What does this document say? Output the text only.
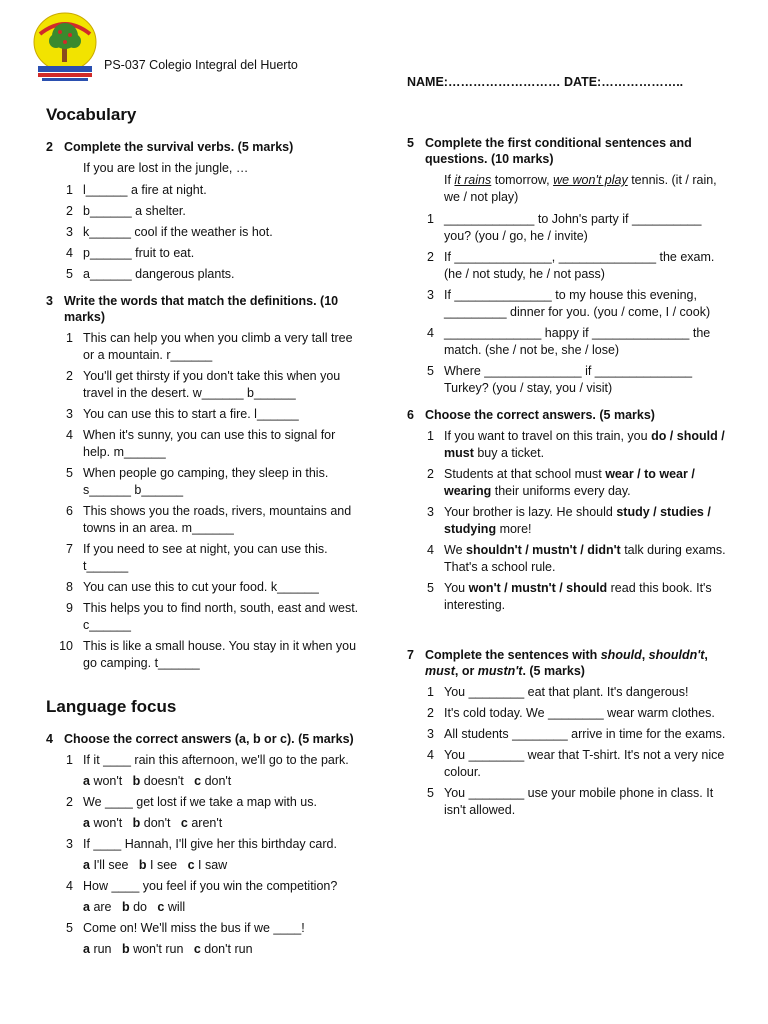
PS-037 Colegio Integral del Huerto
NAME:……………………… DATE:………………..
Vocabulary
2 Complete the survival verbs. (5 marks)
If you are lost in the jungle, …
1 l______ a fire at night.
2 b______ a shelter.
3 k______ cool if the weather is hot.
4 p______ fruit to eat.
5 a______ dangerous plants.
3 Write the words that match the definitions. (10 marks)
1 This can help you when you climb a very tall tree or a mountain. r______
2 You'll get thirsty if you don't take this when you travel in the desert. w______ b______
3 You can use this to start a fire. l______
4 When it's sunny, you can use this to signal for help. m______
5 When people go camping, they sleep in this. s______ b______
6 This shows you the roads, rivers, mountains and towns in an area. m______
7 If you need to see at night, you can use this. t______
8 You can use this to cut your food. k______
9 This helps you to find north, south, east and west. c______
10 This is like a small house. You stay in it when you go camping. t______
Language focus
4 Choose the correct answers (a, b or c). (5 marks)
1 If it ____ rain this afternoon, we'll go to the park.
a won't b doesn't c don't
2 We ____ get lost if we take a map with us.
a won't b don't c aren't
3 If ____ Hannah, I'll give her this birthday card.
a I'll see b I see c I saw
4 How ____ you feel if you win the competition?
a are b do c will
5 Come on! We'll miss the bus if we ____!
a run b won't run c don't run
5 Complete the first conditional sentences and questions. (10 marks)
If it rains tomorrow, we won't play tennis. (it / rain, we / not play)
1 _____________ to John's party if __________ you? (you / go, he / invite)
2 If ______________, ______________ the exam. (he / not study, he / not pass)
3 If ______________ to my house this evening, _________ dinner for you. (you / come, I / cook)
4 ______________ happy if ______________ the match. (she / not be, she / lose)
5 Where ______________ if ______________ Turkey? (you / stay, you / visit)
6 Choose the correct answers. (5 marks)
1 If you want to travel on this train, you do / should / must buy a ticket.
2 Students at that school must wear / to wear / wearing their uniforms every day.
3 Your brother is lazy. He should study / studies / studying more!
4 We shouldn't / mustn't / didn't talk during exams. That's a school rule.
5 You won't / mustn't / should read this book. It's interesting.
7 Complete the sentences with should, shouldn't, must, or mustn't. (5 marks)
1 You ________ eat that plant. It's dangerous!
2 It's cold today. We ________ wear warm clothes.
3 All students ________ arrive in time for the exams.
4 You ________ wear that T-shirt. It's not a very nice colour.
5 You ________ use your mobile phone in class. It isn't allowed.
